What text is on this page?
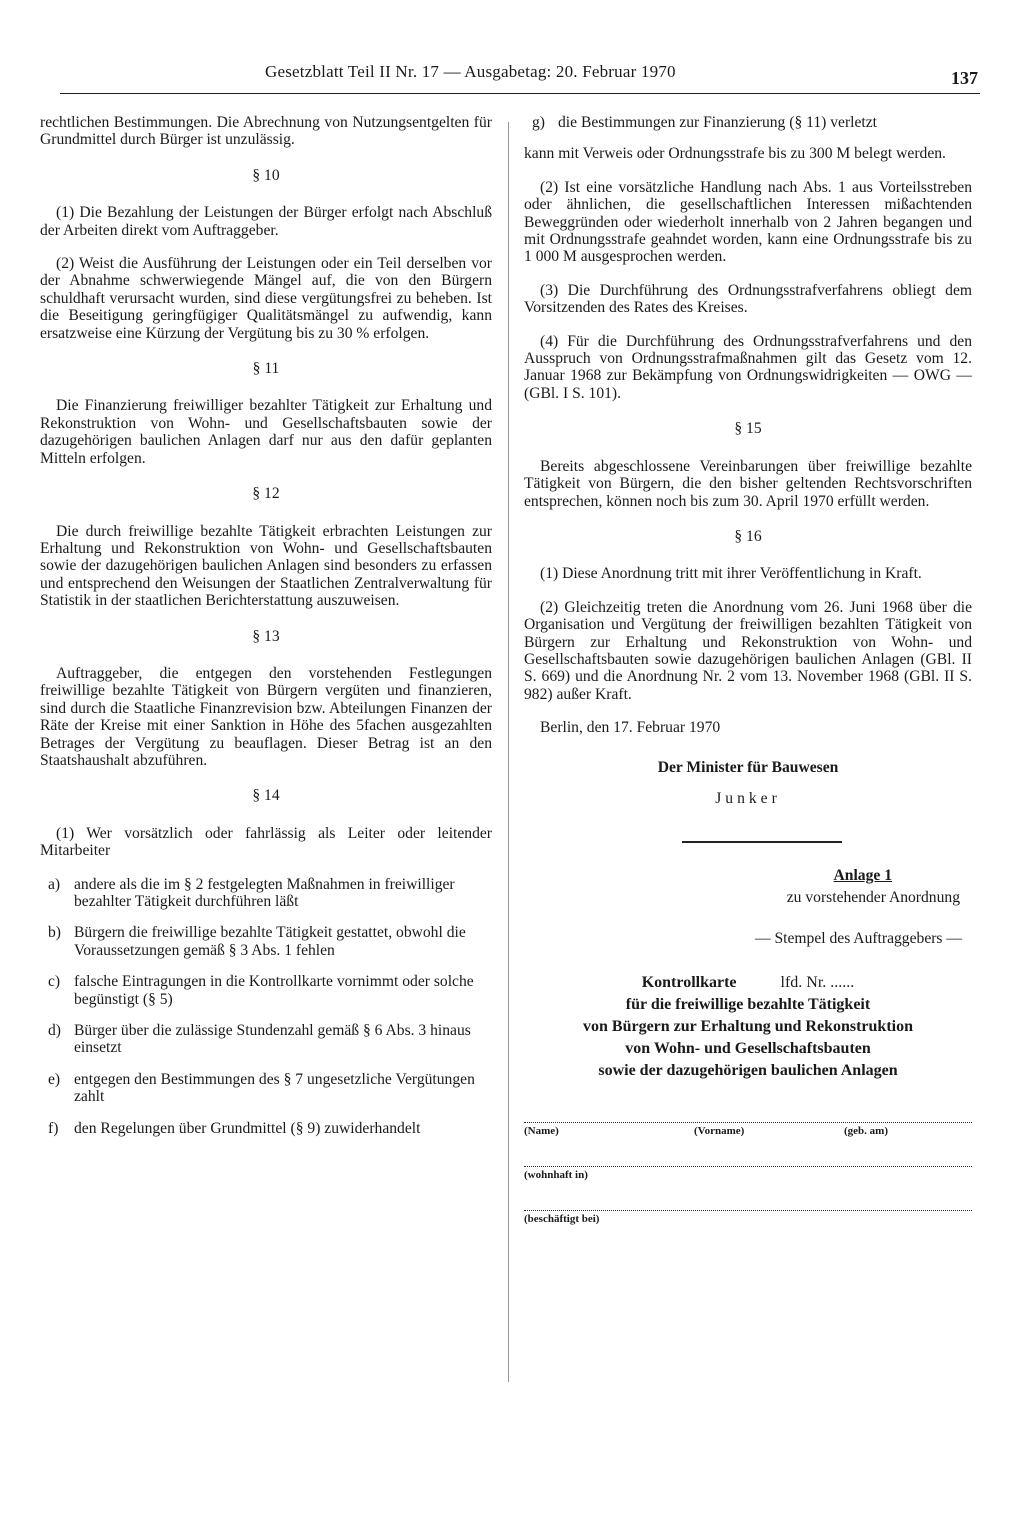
Gesetzblatt Teil II Nr. 17 — Ausgabetag: 20. Februar 1970	137

rechtlichen Bestimmungen. Die Abrechnung von Nutzungsentgelten für Grundmittel durch Bürger ist unzulässig.

§ 10

(1) Die Bezahlung der Leistungen der Bürger erfolgt nach Abschluß der Arbeiten direkt vom Auftraggeber.

(2) Weist die Ausführung der Leistungen oder ein Teil derselben vor der Abnahme schwerwiegende Mängel auf, die von den Bürgern schuldhaft verursacht wurden, sind diese vergütungsfrei zu beheben. Ist die Beseitigung geringfügiger Qualitätsmängel zu aufwendig, kann ersatzweise eine Kürzung der Vergütung bis zu 30 % erfolgen.

§ 11

Die Finanzierung freiwilliger bezahlter Tätigkeit zur Erhaltung und Rekonstruktion von Wohn- und Gesellschaftsbauten sowie der dazugehörigen baulichen Anlagen darf nur aus den dafür geplanten Mitteln erfolgen.

§ 12

Die durch freiwillige bezahlte Tätigkeit erbrachten Leistungen zur Erhaltung und Rekonstruktion von Wohn- und Gesellschaftsbauten sowie der dazugehörigen baulichen Anlagen sind besonders zu erfassen und entsprechend den Weisungen der Staatlichen Zentralverwaltung für Statistik in der staatlichen Berichterstattung auszuweisen.

§ 13

Auftraggeber, die entgegen den vorstehenden Festlegungen freiwillige bezahlte Tätigkeit von Bürgern vergüten und finanzieren, sind durch die Staatliche Finanzrevision bzw. Abteilungen Finanzen der Räte der Kreise mit einer Sanktion in Höhe des 5fachen ausgezahlten Betrages der Vergütung zu beauflagen. Dieser Betrag ist an den Staatshaushalt abzuführen.

§ 14

(1) Wer vorsätzlich oder fahrlässig als Leiter oder leitender Mitarbeiter

a) andere als die im § 2 festgelegten Maßnahmen in freiwilliger bezahlter Tätigkeit durchführen läßt
b) Bürgern die freiwillige bezahlte Tätigkeit gestattet, obwohl die Voraussetzungen gemäß § 3 Abs. 1 fehlen
c) falsche Eintragungen in die Kontrollkarte vornimmt oder solche begünstigt (§ 5)
d) Bürger über die zulässige Stundenzahl gemäß § 6 Abs. 3 hinaus einsetzt
e) entgegen den Bestimmungen des § 7 ungesetzliche Vergütungen zahlt
f)	den Regelungen über Grundmittel (§ 9) zuwiderhandelt
g) die Bestimmungen zur Finanzierung (§ 11) verletzt

kann mit Verweis oder Ordnungsstrafe bis zu 300 M belegt werden.

(2) Ist eine vorsätzliche Handlung nach Abs. 1 aus Vorteilsstreben oder ähnlichen, die gesellschaftlichen Interessen mißachtenden Beweggründen oder wiederholt innerhalb von 2 Jahren begangen und mit Ordnungsstrafe geahndet worden, kann eine Ordnungsstrafe bis zu 1 000 M ausgesprochen werden.

(3) Die Durchführung des Ordnungsstrafverfahrens obliegt dem Vorsitzenden des Rates des Kreises.

(4) Für die Durchführung des Ordnungsstrafverfahrens und den Ausspruch von Ordnungsstrafmaßnahmen gilt das Gesetz vom 12. Januar 1968 zur Bekämpfung von Ordnungswidrigkeiten — OWG — (GBl. I S. 101).

§ 15

Bereits abgeschlossene Vereinbarungen über freiwillige bezahlte Tätigkeit von Bürgern, die den bisher geltenden Rechtsvorschriften entsprechen, können noch bis zum 30. April 1970 erfüllt werden.

§ 16

(1) Diese Anordnung tritt mit ihrer Veröffentlichung in Kraft.

(2) Gleichzeitig treten die Anordnung vom 26. Juni 1968 über die Organisation und Vergütung der freiwilligen bezahlten Tätigkeit von Bürgern zur Erhaltung und Rekonstruktion von Wohn- und Gesellschaftsbauten sowie dazugehörigen baulichen Anlagen (GBl. II S. 669) und die Anordnung Nr. 2 vom 13. November 1968 (GBl. II S. 982) außer Kraft.

Berlin, den 17. Februar 1970

Der Minister für Bauwesen

Junker

Anlage 1

zu vorstehender Anordnung

— Stempel des Auftraggebers —

Kontrollkarte	lfd. Nr. ......
für die freiwillige bezahlte Tätigkeit
von Bürgern zur Erhaltung und Rekonstruktion
von Wohn- und Gesellschaftsbauten
sowie der dazugehörigen baulichen Anlagen
(Name)	(Vorname)	(geb. am)
(wohnhaft in)
(beschäftigt bei)
